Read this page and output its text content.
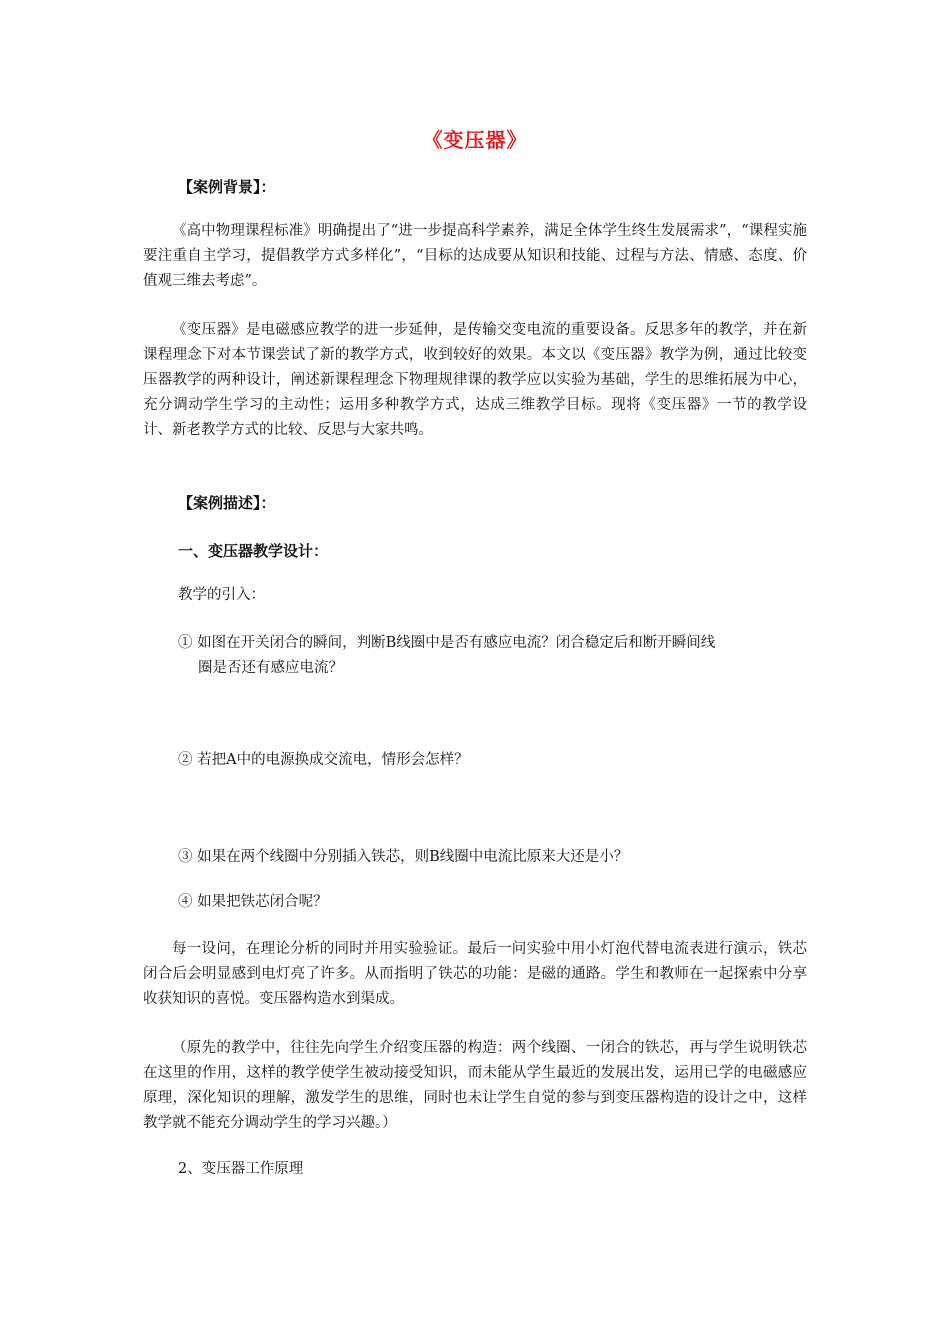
《变压器》
【案例背景】：

《高中物理课程标准》明确提出了“进一步提高科学素养，满足全体学生终生发展需求”，“课程实施要注重自主学习，提倡教学方式多样化”，“目标的达成要从知识和技能、过程与方法、情感、态度、价值观三维去考虑”。

《变压器》是电磁感应教学的进一步延伸，是传输交变电流的重要设备。反思多年的教学，并在新课程理念下对本节课尝试了新的教学方式，收到较好的效果。本文以《变压器》教学为例，通过比较变压器教学的两种设计，阐述新课程理念下物理规律课的教学应以实验为基础，学生的思维拓展为中心，充分调动学生学习的主动性；运用多种教学方式，达成三维教学目标。现将《变压器》一节的教学设计、新老教学方式的比较、反思与大家共鸣。

【案例描述】：
一、变压器教学设计：
教学的引入：
① 如图在开关闭合的瞬间，判断B线圈中是否有感应电流？闭合稳定后和断开瞬间线
圈是否还有感应电流？
② 若把A中的电源换成交流电，情形会怎样？
③ 如果在两个线圈中分别插入铁芯，则B线圈中电流比原来大还是小？
④ 如果把铁芯闭合呢？

每一设问，在理论分析的同时并用实验验证。最后一问实验中用小灯泡代替电流表进行演示，铁芯闭合后会明显感到电灯亮了许多。从而指明了铁芯的功能：是磁的通路。学生和教师在一起探索中分享收获知识的喜悦。变压器构造水到渠成。

（原先的教学中，往往先向学生介绍变压器的构造：两个线圈、一闭合的铁芯，再与学生说明铁芯在这里的作用，这样的教学使学生被动接受知识，而未能从学生最近的发展出发，运用已学的电磁感应原理，深化知识的理解，激发学生的思维，同时也未让学生自觉的参与到变压器构造的设计之中，这样教学就不能充分调动学生的学习兴趣。）

2、变压器工作原理
